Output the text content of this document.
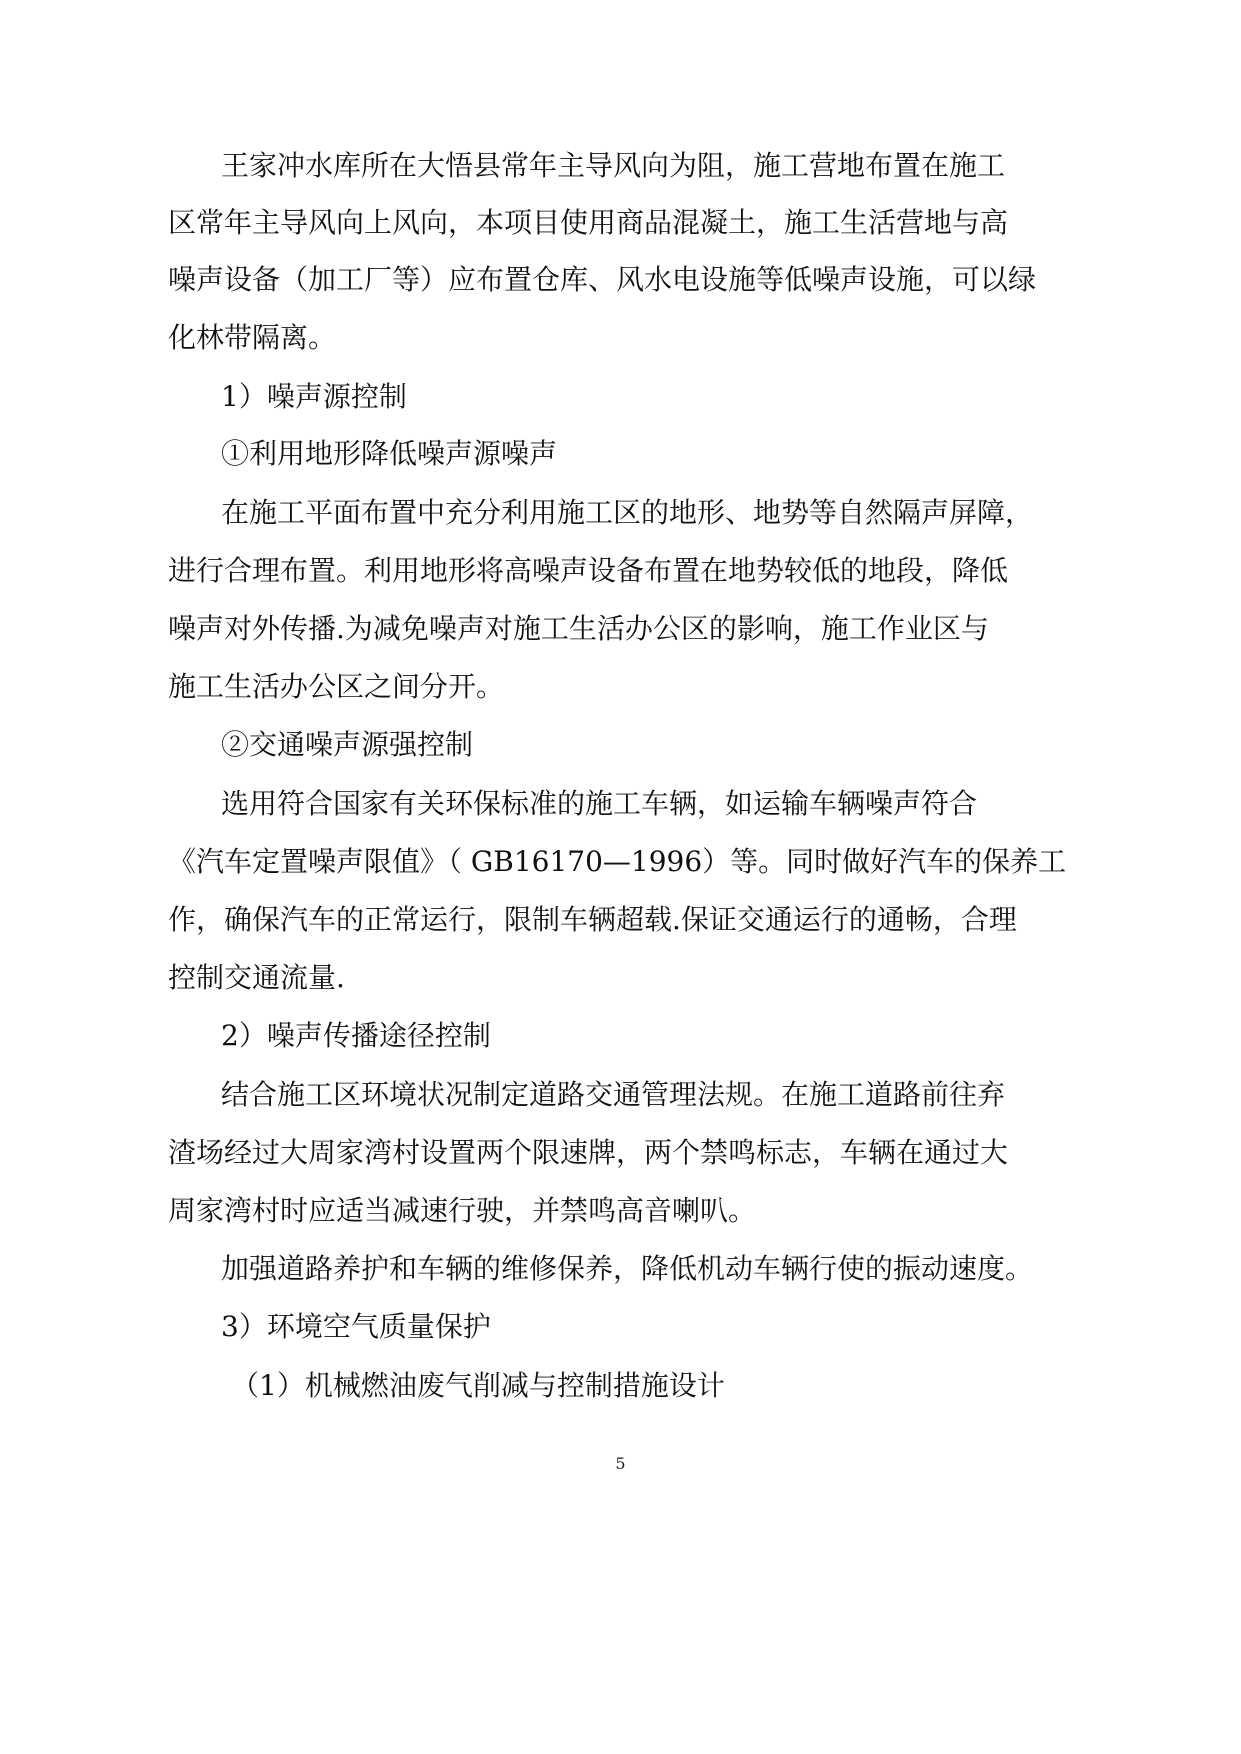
王家冲水库所在大悟县常年主导风向为阻，施工营地布置在施工
区常年主导风向上风向，本项目使用商品混凝土，施工生活营地与高
噪声设备（加工厂等）应布置仓库、风水电设施等低噪声设施，可以绿
化林带隔离。
1）噪声源控制
①利用地形降低噪声源噪声
在施工平面布置中充分利用施工区的地形、地势等自然隔声屏障，
进行合理布置。利用地形将高噪声设备布置在地势较低的地段，降低
噪声对外传播.为减免噪声对施工生活办公区的影响，施工作业区与
施工生活办公区之间分开。
②交通噪声源强控制
选用符合国家有关环保标准的施工车辆，如运输车辆噪声符合
《汽车定置噪声限值》（ GB16170—1996）等。同时做好汽车的保养工
作，确保汽车的正常运行，限制车辆超载.保证交通运行的通畅，合理
控制交通流量.
2）噪声传播途径控制
结合施工区环境状况制定道路交通管理法规。在施工道路前往弃
渣场经过大周家湾村设置两个限速牌，两个禁鸣标志，车辆在通过大
周家湾村时应适当减速行驶，并禁鸣高音喇叭。
加强道路养护和车辆的维修保养，降低机动车辆行使的振动速度。
3）环境空气质量保护
（1）机械燃油废气削减与控制措施设计
5
